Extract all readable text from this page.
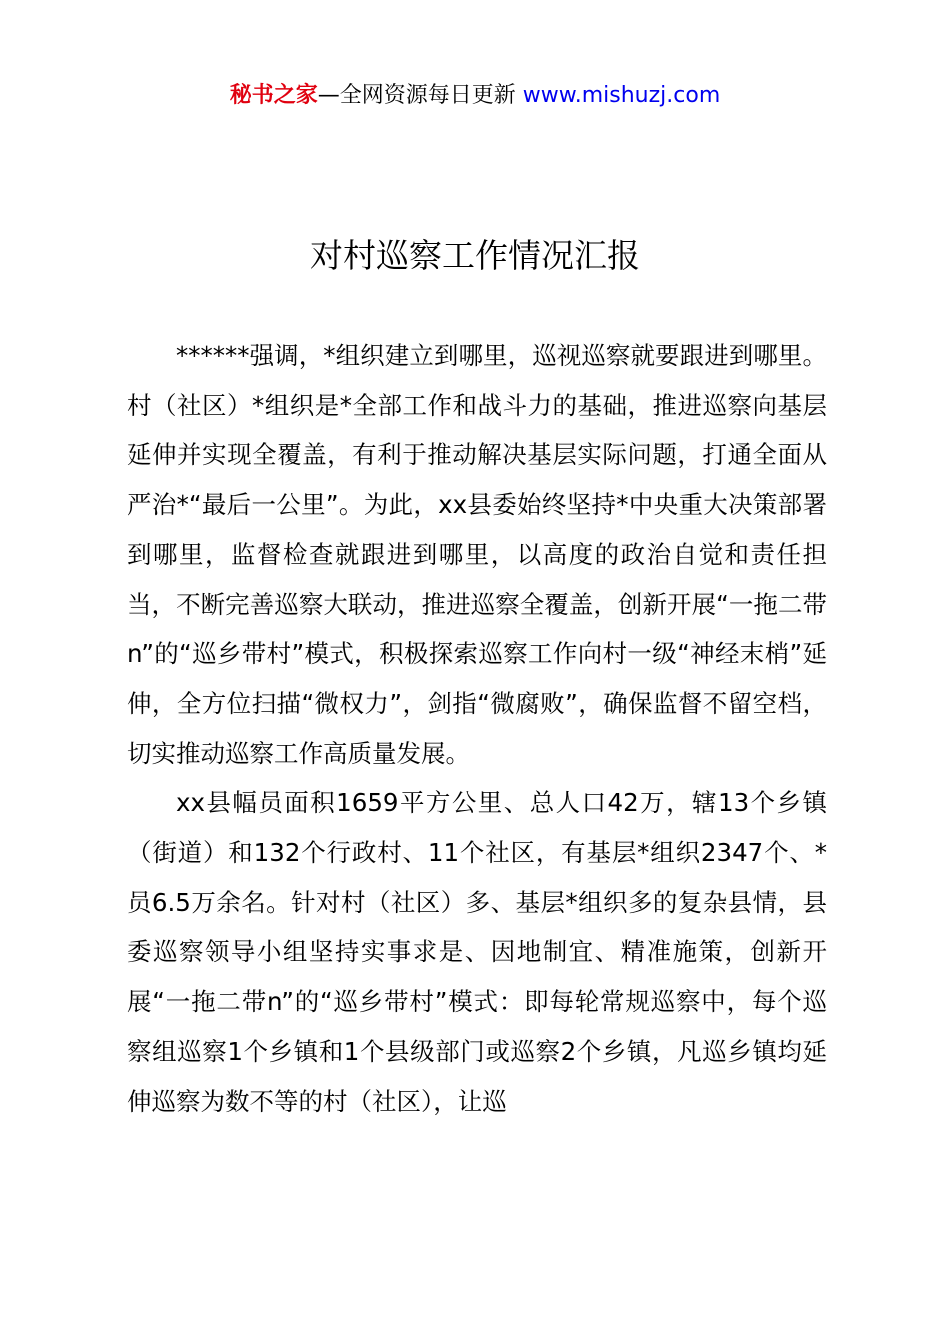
秘书之家—全网资源每日更新 www.mishuzj.com
对村巡察工作情况汇报

******强调，*组织建立到哪里，巡视巡察就要跟进到哪里。村（社区）*组织是*全部工作和战斗力的基础，推进巡察向基层延伸并实现全覆盖，有利于推动解决基层实际问题，打通全面从严治*“最后一公里”。为此，xx县委始终坚持*中央重大决策部署到哪里，监督检查就跟进到哪里，以高度的政治自觉和责任担当，不断完善巡察大联动，推进巡察全覆盖，创新开展“一拖二带n”的“巡乡带村”模式，积极探索巡察工作向村一级“神经末梢”延伸，全方位扫描“微权力”，剑指“微腐败”，确保监督不留空档，切实推动巡察工作高质量发展。

xx县幅员面积1659平方公里、总人口42万，辖13个乡镇（街道）和132个行政村、11个社区，有基层*组织2347个、*员6.5万余名。针对村（社区）多、基层*组织多的复杂县情，县委巡察领导小组坚持实事求是、因地制宜、精准施策，创新开展“一拖二带n”的“巡乡带村”模式：即每轮常规巡察中，每个巡察组巡察1个乡镇和1个县级部门或巡察2个乡镇，凡巡乡镇均延伸巡察为数不等的村（社区），让巡
